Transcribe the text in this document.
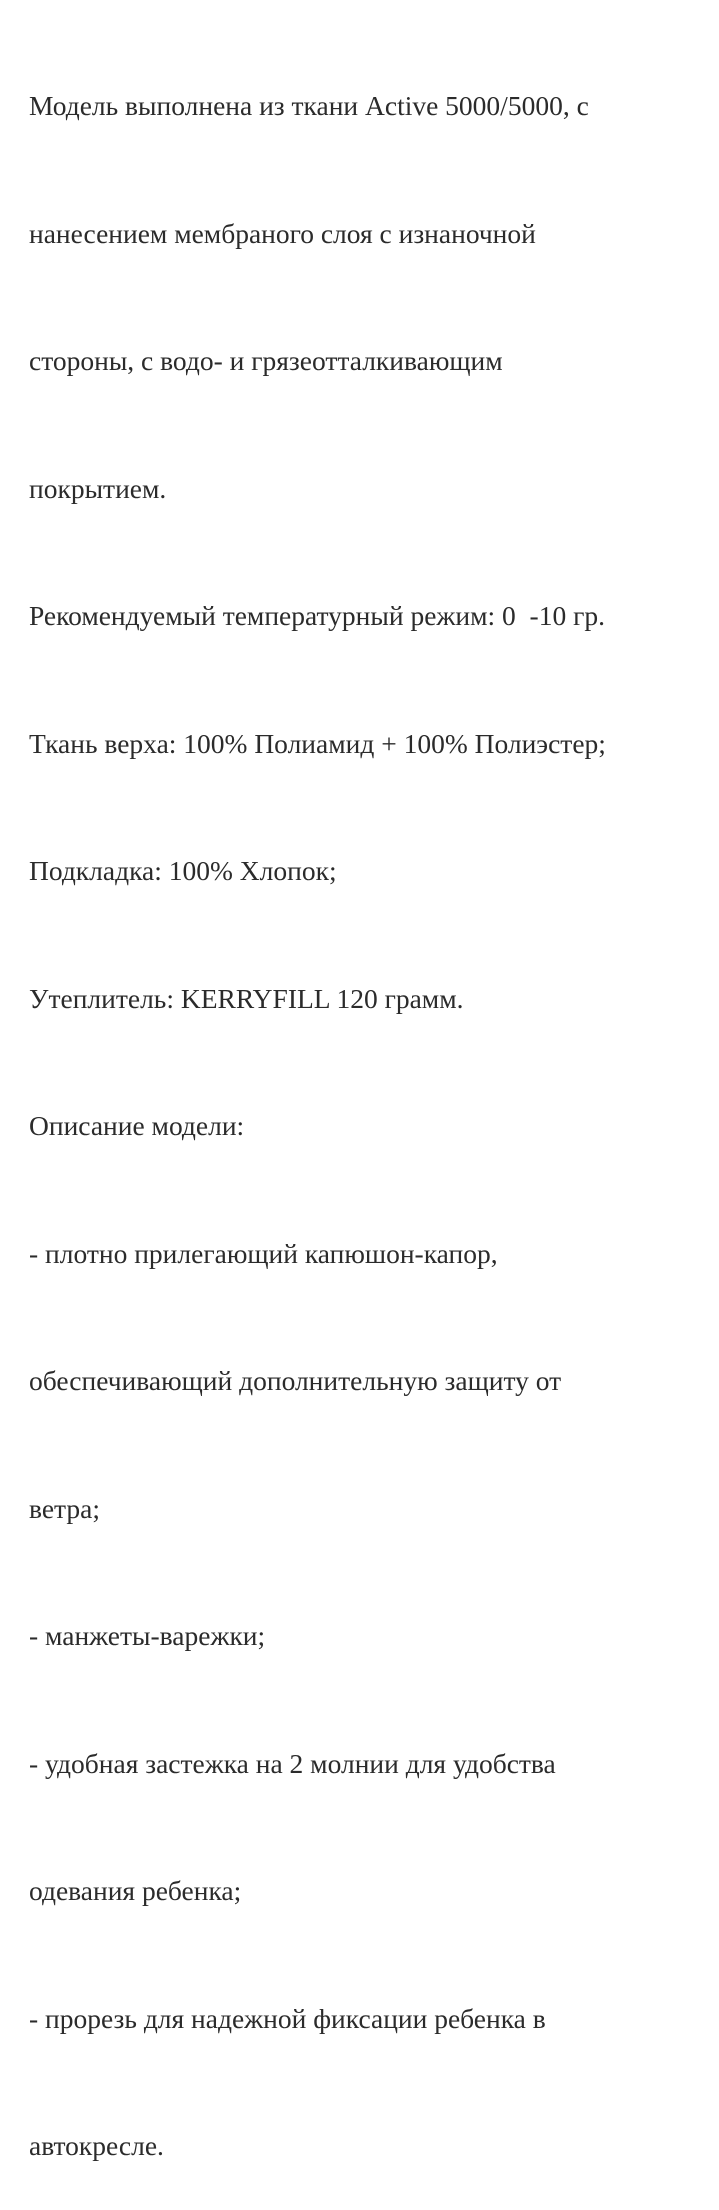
Модель выполнена из ткани Active 5000/5000, с

нанесением мембраного слоя с изнаночной

стороны, с водо- и грязеотталкивающим

покрытием.

Рекомендуемый температурный режим: 0  -10 гр.

Ткань верха: 100% Полиамид + 100% Полиэстер;

Подкладка: 100% Хлопок;

Утеплитель: KERRYFILL 120 грамм.

Описание модели:

- плотно прилегающий капюшон-капор,

обеспечивающий дополнительную защиту от

ветра;

- манжеты-варежки;

- удобная застежка на 2 молнии для удобства

одевания ребенка;

- прорезь для надежной фиксации ребенка в

автокресле.
